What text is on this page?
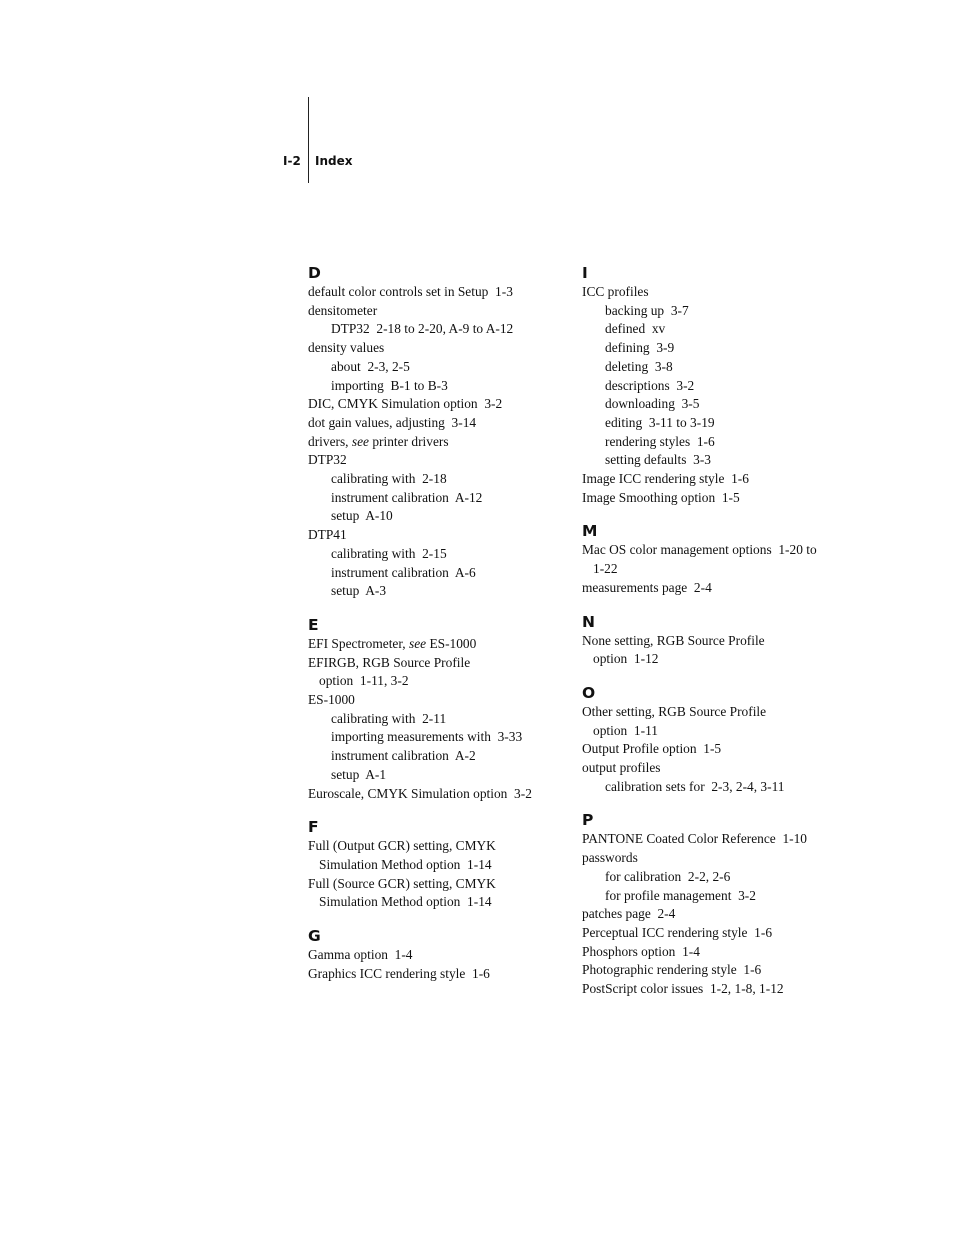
I-2 Index
D
default color controls set in Setup  1-3
densitometer
DTP32  2-18 to 2-20, A-9 to A-12
density values
about  2-3, 2-5
importing  B-1 to B-3
DIC, CMYK Simulation option  3-2
dot gain values, adjusting  3-14
drivers, see printer drivers
DTP32
calibrating with  2-18
instrument calibration  A-12
setup  A-10
DTP41
calibrating with  2-15
instrument calibration  A-6
setup  A-3
E
EFI Spectrometer, see ES-1000
EFIRGB, RGB Source Profile
option  1-11, 3-2
ES-1000
calibrating with  2-11
importing measurements with  3-33
instrument calibration  A-2
setup  A-1
Euroscale, CMYK Simulation option  3-2
F
Full (Output GCR) setting, CMYK
Simulation Method option  1-14
Full (Source GCR) setting, CMYK
Simulation Method option  1-14
G
Gamma option  1-4
Graphics ICC rendering style  1-6
I
ICC profiles
backing up  3-7
defined  xv
defining  3-9
deleting  3-8
descriptions  3-2
downloading  3-5
editing  3-11 to 3-19
rendering styles  1-6
setting defaults  3-3
Image ICC rendering style  1-6
Image Smoothing option  1-5
M
Mac OS color management options  1-20 to
1-22
measurements page  2-4
N
None setting, RGB Source Profile
option  1-12
O
Other setting, RGB Source Profile
option  1-11
Output Profile option  1-5
output profiles
calibration sets for  2-3, 2-4, 3-11
P
PANTONE Coated Color Reference  1-10
passwords
for calibration  2-2, 2-6
for profile management  3-2
patches page  2-4
Perceptual ICC rendering style  1-6
Phosphors option  1-4
Photographic rendering style  1-6
PostScript color issues  1-2, 1-8, 1-12
